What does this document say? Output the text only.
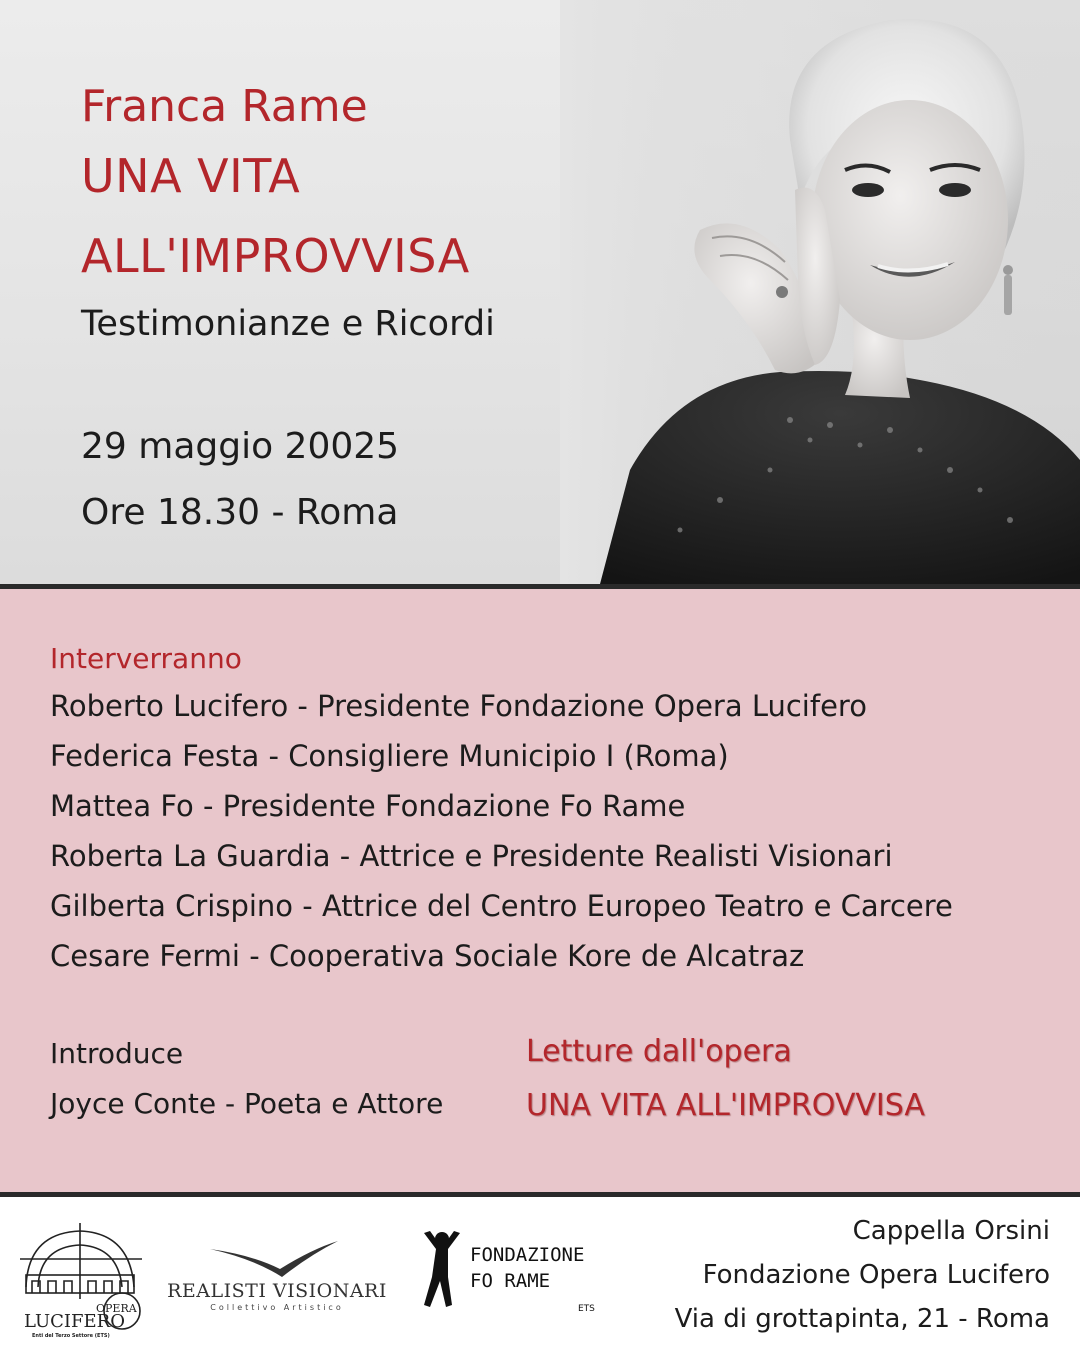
Franca Rame
UNA VITA
ALL'IMPROVVISA
Testimonianze e Ricordi
29 maggio 20025
Ore 18.30 - Roma
Interverranno
Roberto Lucifero - Presidente Fondazione Opera Lucifero
Federica Festa - Consigliere Municipio I (Roma)
Mattea Fo - Presidente Fondazione Fo Rame
Roberta La Guardia - Attrice e Presidente Realisti Visionari
Gilberta Crispino - Attrice del Centro Europeo Teatro e Carcere
Cesare Fermi - Cooperativa Sociale Kore de Alcatraz
Introduce
Joyce Conte - Poeta e Attore
Letture dall'opera
UNA VITA ALL'IMPROVVISA
OPERA
LUCIFERO
Enti del Terzo Settore (ETS)
REALISTI VISIONARI
Collettivo Artistico
FONDAZIONE
FO RAME
ETS
Cappella Orsini
Fondazione Opera Lucifero
Via di grottapinta, 21 - Roma
